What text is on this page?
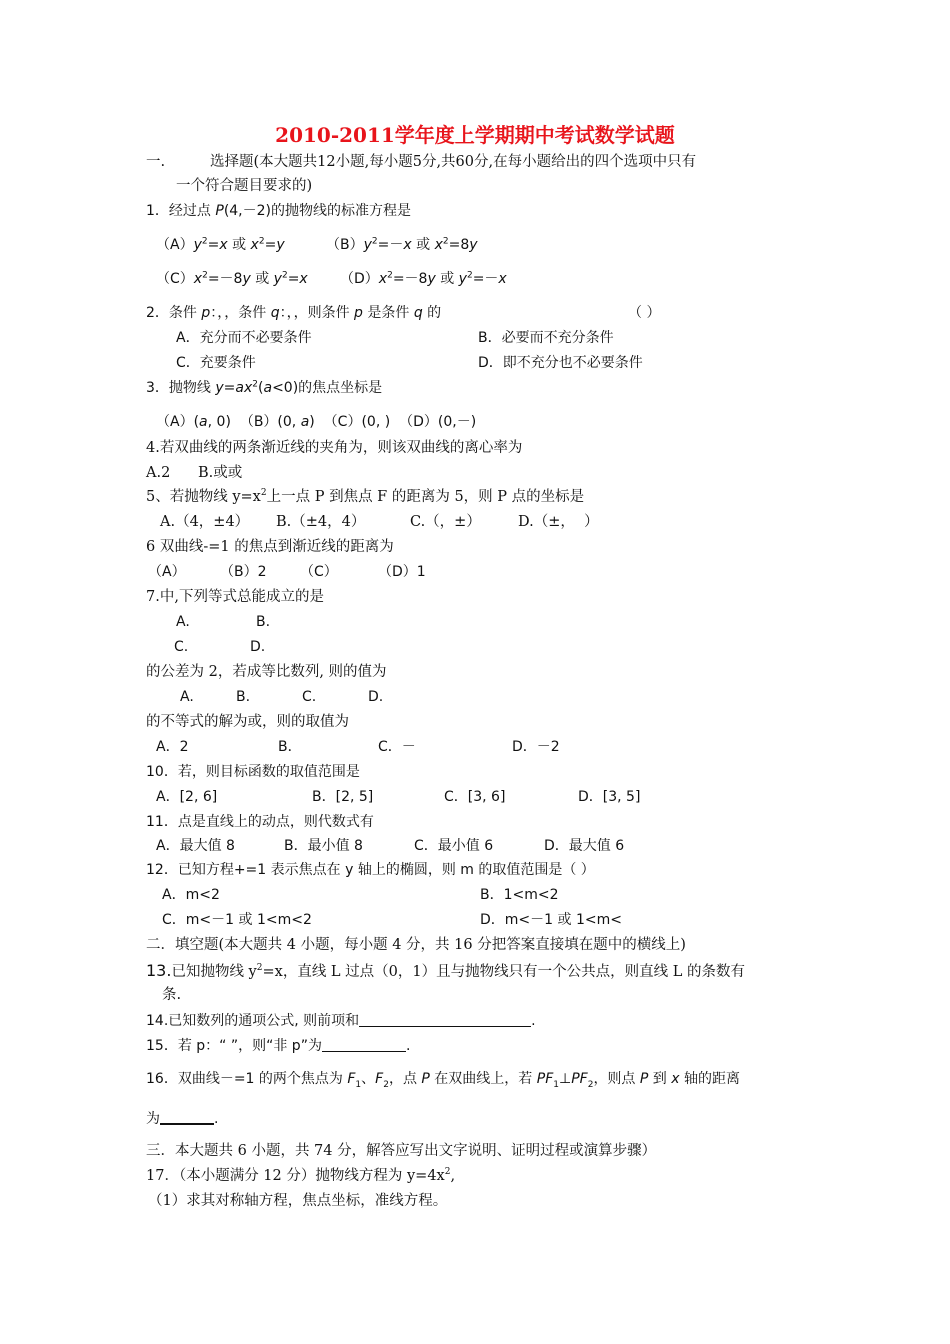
2010-2011学年度上学期期中考试数学试题
一.	选择题(本大题共12小题,每小题5分,共60分,在每小题给出的四个选项中只有
一个符合题目要求的)
1．经过点 P(4,－2)的抛物线的标准方程是
$(A)y^2=x$ 或 $x^2=y$	$(B)y^2=-x$ 或 $x^2=8y$
$(C)x^2=-8y$ 或 $y^2=x$ $(D)x^2=-8y$ 或 $y^2=-x$
2．条件 p：，，条件 q：，，则条件 p 是条件 q 的	（ ）
A．充分而不必要条件	B．必要而不充分条件
C．充要条件	D．即不充分也不必要条件
3．抛物线 $y=ax^2(a<0)$的焦点坐标是
（A）(a, 0) （B）(0, a) （C）(0, ) （D）(0,－)
4.若双曲线的两条渐近线的夹角为，则该双曲线的离心率为
A.2      B.或或
5、若抛物线 $y=x^2$上一点 P 到焦点 F 的距离为 5，则 P 点的坐标是
A.（4，±4） B.（±4，4）	C.（，±）	D.（±，  ）
6 双曲线-=1 的焦点到渐近线的距离为
（A） （B）2 （C）	（D）1
7.中,下列等式总能成立的是
A.	B.
C.	D.
的公差为 2，若成等比数列, 则的值为
A.	B.	C.	D.
的不等式的解为或，则的取值为
A．2	B．	C．－	D．－2
10．若，则目标函数的取值范围是
A．[2, 6]	B．[2, 5]	C．[3, 6]	D．[3, 5]
11．点是直线上的动点，则代数式有
A．最大值 8	B．最小值 8	C．最小值 6	D．最大值 6
12．已知方程+=1 表示焦点在 y 轴上的椭圆，则 m 的取值范围是（ ）
A．m<2	B．1<m<2
C．m<－1 或 1<m<2	D．m<－1 或 1<m<
二．填空题(本大题共 4 小题，每小题 4 分，共 16 分把答案直接填在题中的横线上)
13.已知抛物线 $y^2=x$，直线 L 过点（0，1）且与抛物线只有一个公共点，则直线 L 的条数有
条.
14.已知数列的通项公式, 则前项和	.
15．若 p：“ ”，则“非 p”为	.
16．双曲线－=1 的两个焦点为 $F_1$、$F_2$，点 P 在双曲线上，若 $PF_1\perp PF_2$，则点 P 到 x 轴的距离
为	.
三．本大题共 6 小题，共 74 分，解答应写出文字说明、证明过程或演算步骤）
17．（本小题满分 12 分）抛物线方程为 $y=4x^2$,
（1）求其对称轴方程，焦点坐标，准线方程。
